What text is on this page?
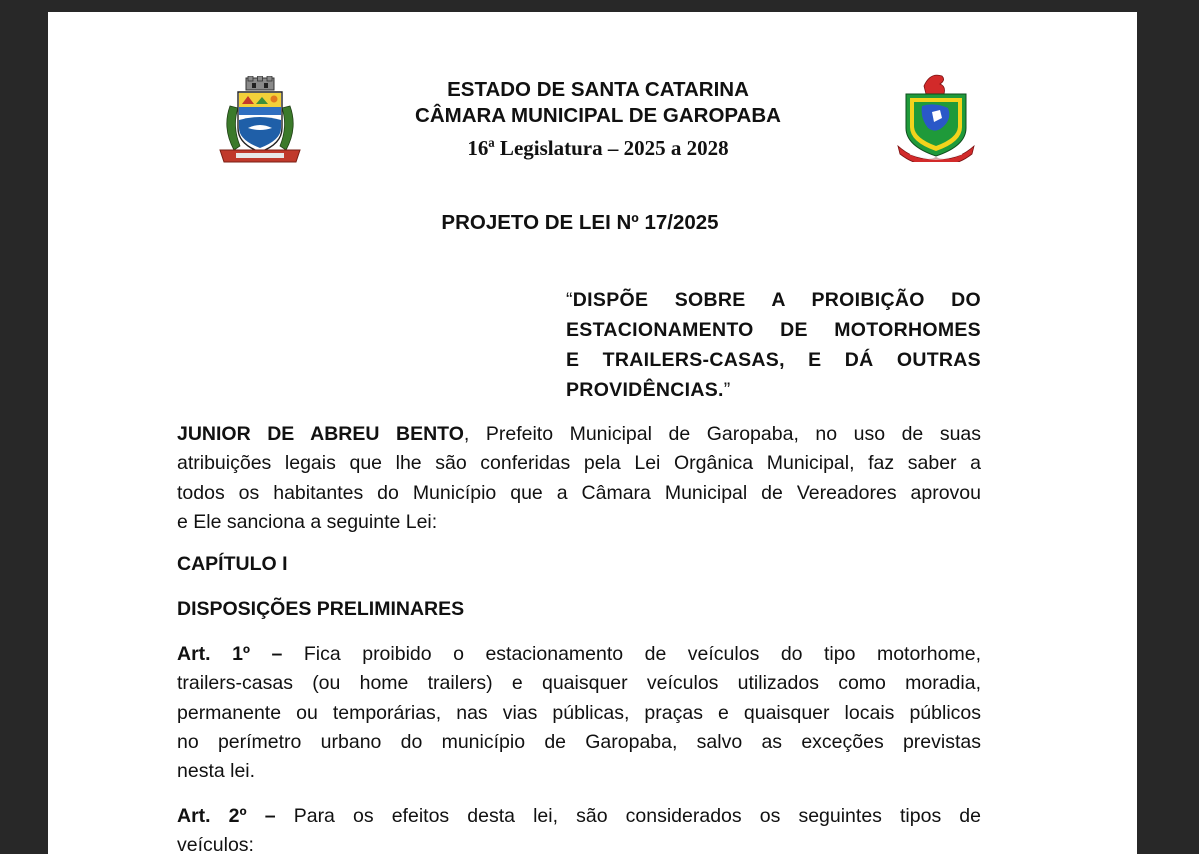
ESTADO DE SANTA CATARINA
CÂMARA MUNICIPAL DE GAROPABA
16ª Legislatura – 2025 a 2028
PROJETO DE LEI Nº 17/2025
“DISPÕE SOBRE A PROIBIÇÃO DO
ESTACIONAMENTO DE MOTORHOMES
E TRAILERS-CASAS, E DÁ OUTRAS
PROVIDÊNCIAS.”
JUNIOR DE ABREU BENTO, Prefeito Municipal de Garopaba, no uso de suas
atribuições legais que lhe são conferidas pela Lei Orgânica Municipal, faz saber a
todos os habitantes do Município que a Câmara Municipal de Vereadores aprovou
e Ele sanciona a seguinte Lei:
CAPÍTULO I
DISPOSIÇÕES PRELIMINARES
Art. 1º – Fica proibido o estacionamento de veículos do tipo motorhome,
trailers-casas (ou home trailers) e quaisquer veículos utilizados como moradia,
permanente ou temporárias, nas vias públicas, praças e quaisquer locais públicos
no perímetro urbano do município de Garopaba, salvo as exceções previstas
nesta lei.
Art. 2º – Para os efeitos desta lei, são considerados os seguintes tipos de
veículos:
